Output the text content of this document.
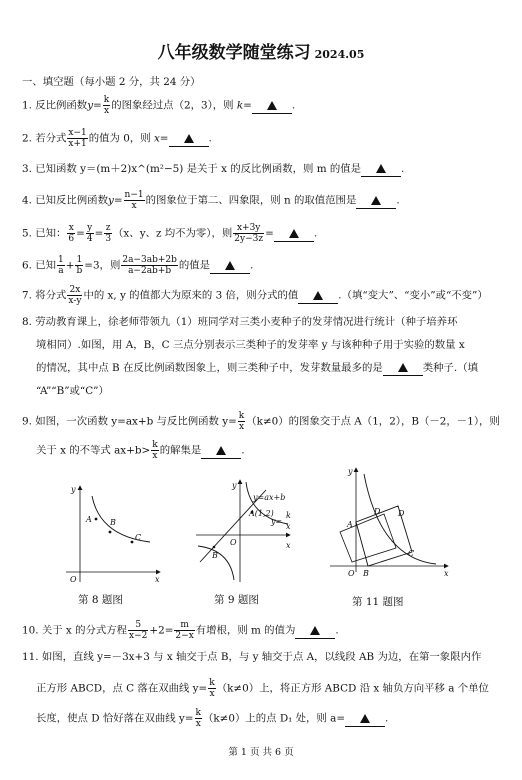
八年级数学随堂练习 2024.05
一、填空题（每小题 2 分，共 24 分）
1. 反比例函数$y= \frac{k}{x}$ 的图象经过点（2，3），则 k=	.
2. 若分式 $\frac{x-1}{x+1}$ 的值为 0，则 x=	.
3. 已知函数 y＝(m＋2)x^(m²−5) 是关于 x 的反比例函数，则 m 的值是	.
4. 已知反比例函数$y= \frac{n-1}{x}$ 的图象位于第二、四象限，则 n 的取值范围是	.
5. 已知： $\frac{x}{6} = \frac{y}{4} = \frac{z}{3} (x$、y、z 均不为零），则 $\frac{x+3y}{2y-3z}$ =	.
6. 已知 $\frac{1}{a} + \frac{1}{b} =3$，则 $\frac{2a-3ab+2b}{a-2ab+b}$ 的值是	.
7. 将分式 $\frac{2x}{x-y}$ 中的 x, y 的值都大为原来的 3 倍，则分式的值	.（填“变大”、“变小”或“不变”）
8. 劳动教育课上，徐老师带领九（1）班同学对三类小麦种子的发芽情况进行统计（种子培养环
境相同）.如图，用 A，B，C 三点分别表示三类种子的发芽率 y 与该种种子用于实验的数量 x
的情况，其中点 B 在反比例函数图象上，则三类种子中，发芽数量最多的是	类种子.（填
“A”“B”或“C”）
9. 如图，一次函数 y=ax+b 与反比例函数 $y= \frac{k}{x} (k\ne 0)$的图象交于点 A（1，2），B（－2，－1），则
关于 x 的不等式 $ax+b> \frac{k}{x}$ 的解集是	.
A B
C
y
x
O
y=ax+b
A(1,2)
y=
k
x
B
O
y
x
A
B
C
D D
O
y
x
第 8 题图	第 9 题图	第 11 题图
10. 关于 x 的分式方程 $\frac{5}{x-2} +2= \frac{m}{2-x}$ 有增根，则 m 的值为	.
11. 如图，直线 y=－3x+3 与 x 轴交于点 B，与 y 轴交于点 A，以线段 AB 为边，在第一象限内作
正方形 ABCD，点 C 落在双曲线 $y= \frac{k}{x} (k\ne 0)$上，将正方形 ABCD 沿 x 轴负方向平移 a 个单位
长度，使点 D 恰好落在双曲线 $y= \frac{k}{x} (k\ne 0)$上的点 D₁ 处，则 a=	.
第 1 页 共 6 页
